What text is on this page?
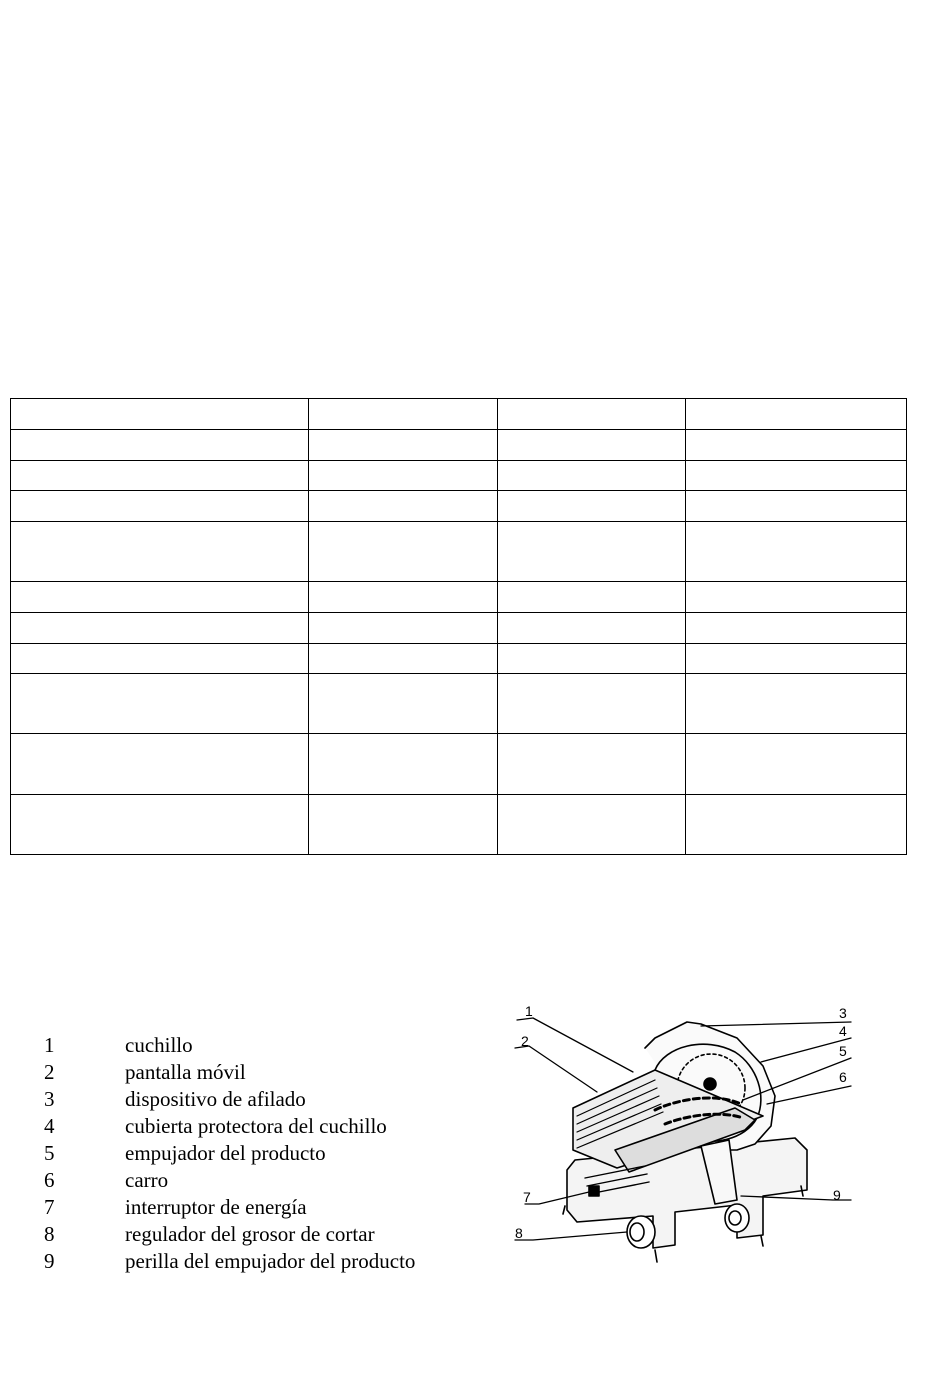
1	cuchillo
2	pantalla móvil
3	dispositivo de afilado
4	cubierta protectora del cuchillo
5	empujador del producto
6	carro
7	interruptor de energía
8	regulador del grosor de cortar
9	perilla del empujador del producto
1
2
3
4
5
6
7
8
9
